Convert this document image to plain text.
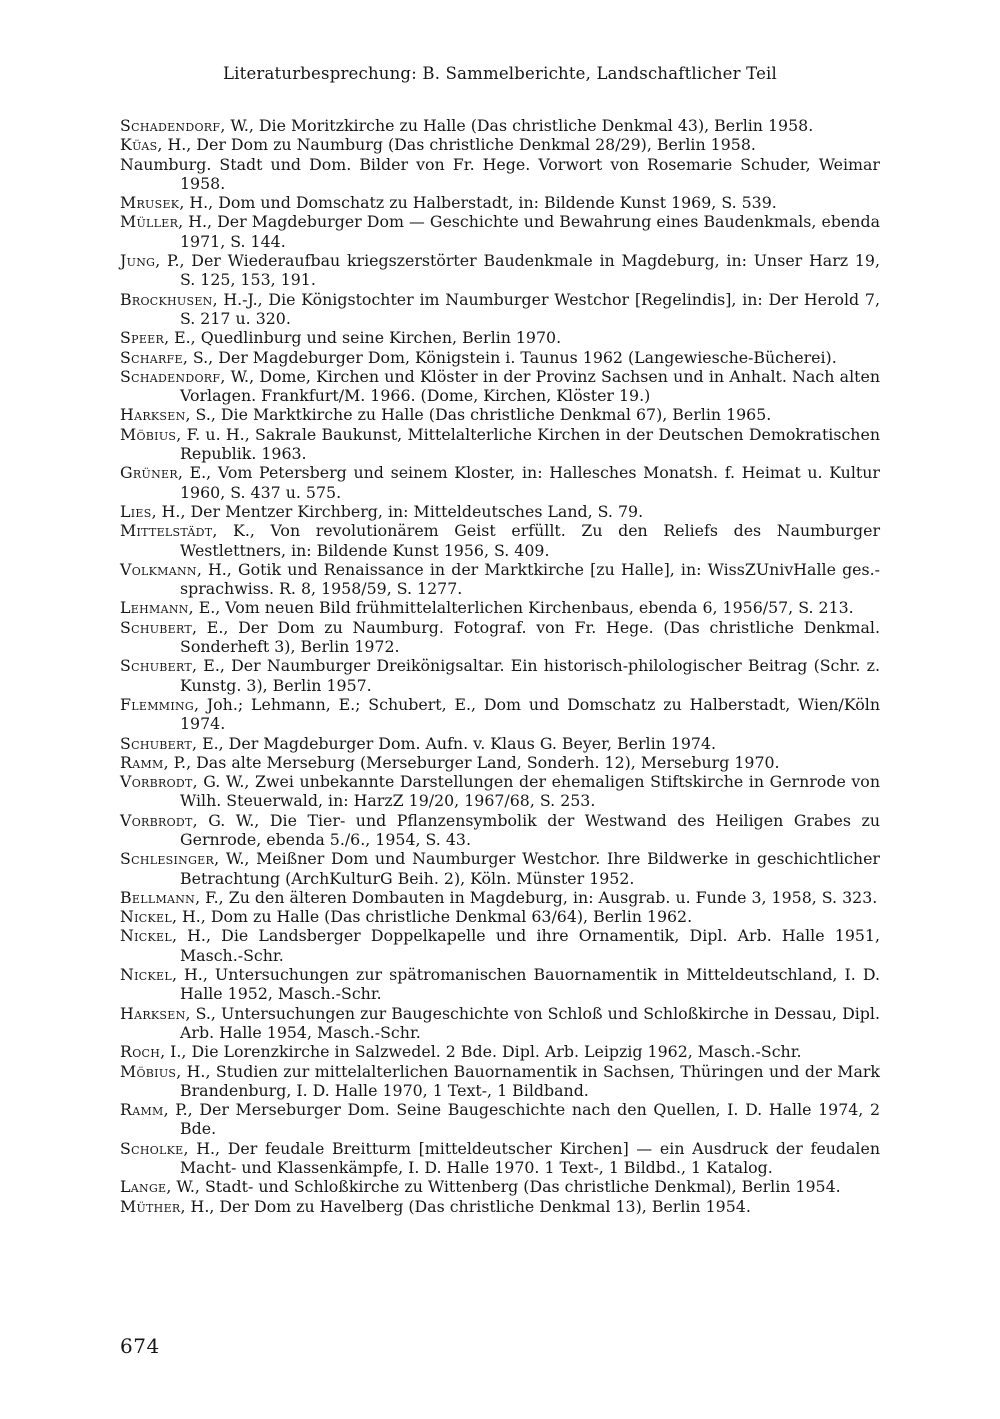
Literaturbesprechung: B. Sammelberichte, Landschaftlicher Teil

Schadendorf, W., Die Moritzkirche zu Halle (Das christliche Denkmal 43), Berlin 1958.

Küas, H., Der Dom zu Naumburg (Das christliche Denkmal 28/29), Berlin 1958.

Naumburg. Stadt und Dom. Bilder von Fr. Hege. Vorwort von Rosemarie Schuder, Weimar 1958.

Mrusek, H., Dom und Domschatz zu Halberstadt, in: Bildende Kunst 1969, S. 539.

Müller, H., Der Magdeburger Dom — Geschichte und Bewahrung eines Baudenkmals, ebenda 1971, S. 144.

Jung, P., Der Wiederaufbau kriegszerstörter Baudenkmale in Magdeburg, in: Unser Harz 19, S. 125, 153, 191.

Brockhusen, H.-J., Die Königstochter im Naumburger Westchor [Regelindis], in: Der Herold 7, S. 217 u. 320.

Speer, E., Quedlinburg und seine Kirchen, Berlin 1970.

Scharfe, S., Der Magdeburger Dom, Königstein i. Taunus 1962 (Langewiesche-Bücherei).

Schadendorf, W., Dome, Kirchen und Klöster in der Provinz Sachsen und in Anhalt. Nach alten Vorlagen. Frankfurt/M. 1966. (Dome, Kirchen, Klöster 19.)

Harksen, S., Die Marktkirche zu Halle (Das christliche Denkmal 67), Berlin 1965.

Möbius, F. u. H., Sakrale Baukunst, Mittelalterliche Kirchen in der Deutschen Demokratischen Republik. 1963.

Grüner, E., Vom Petersberg und seinem Kloster, in: Hallesches Monatsh. f. Heimat u. Kultur 1960, S. 437 u. 575.

Lies, H., Der Mentzer Kirchberg, in: Mitteldeutsches Land, S. 79.

Mittelstädt, K., Von revolutionärem Geist erfüllt. Zu den Reliefs des Naumburger Westlettners, in: Bildende Kunst 1956, S. 409.

Volkmann, H., Gotik und Renaissance in der Marktkirche [zu Halle], in: WissZUnivHalle ges.-sprachwiss. R. 8, 1958/59, S. 1277.

Lehmann, E., Vom neuen Bild frühmittelalterlichen Kirchenbaus, ebenda 6, 1956/57, S. 213.

Schubert, E., Der Dom zu Naumburg. Fotograf. von Fr. Hege. (Das christliche Denkmal. Sonderheft 3), Berlin 1972.

Schubert, E., Der Naumburger Dreikönigsaltar. Ein historisch-philologischer Beitrag (Schr. z. Kunstg. 3), Berlin 1957.

Flemming, Joh.; Lehmann, E.; Schubert, E., Dom und Domschatz zu Halberstadt, Wien/Köln 1974.

Schubert, E., Der Magdeburger Dom. Aufn. v. Klaus G. Beyer, Berlin 1974.

Ramm, P., Das alte Merseburg (Merseburger Land, Sonderh. 12), Merseburg 1970.

Vorbrodt, G. W., Zwei unbekannte Darstellungen der ehemaligen Stiftskirche in Gernrode von Wilh. Steuerwald, in: HarzZ 19/20, 1967/68, S. 253.

Vorbrodt, G. W., Die Tier- und Pflanzensymbolik der Westwand des Heiligen Grabes zu Gernrode, ebenda 5./6., 1954, S. 43.

Schlesinger, W., Meißner Dom und Naumburger Westchor. Ihre Bildwerke in geschichtlicher Betrachtung (ArchKulturG Beih. 2), Köln. Münster 1952.

Bellmann, F., Zu den älteren Dombauten in Magdeburg, in: Ausgrab. u. Funde 3, 1958, S. 323.

Nickel, H., Dom zu Halle (Das christliche Denkmal 63/64), Berlin 1962.

Nickel, H., Die Landsberger Doppelkapelle und ihre Ornamentik, Dipl. Arb. Halle 1951, Masch.-Schr.

Nickel, H., Untersuchungen zur spätromanischen Bauornamentik in Mitteldeutschland, I. D. Halle 1952, Masch.-Schr.

Harksen, S., Untersuchungen zur Baugeschichte von Schloß und Schloßkirche in Dessau, Dipl. Arb. Halle 1954, Masch.-Schr.

Roch, I., Die Lorenzkirche in Salzwedel. 2 Bde. Dipl. Arb. Leipzig 1962, Masch.-Schr.

Möbius, H., Studien zur mittelalterlichen Bauornamentik in Sachsen, Thüringen und der Mark Brandenburg, I. D. Halle 1970, 1 Text-, 1 Bildband.

Ramm, P., Der Merseburger Dom. Seine Baugeschichte nach den Quellen, I. D. Halle 1974, 2 Bde.

Scholke, H., Der feudale Breitturm [mitteldeutscher Kirchen] — ein Ausdruck der feudalen Macht- und Klassenkämpfe, I. D. Halle 1970. 1 Text-, 1 Bildbd., 1 Katalog.

Lange, W., Stadt- und Schloßkirche zu Wittenberg (Das christliche Denkmal), Berlin 1954.

Müther, H., Der Dom zu Havelberg (Das christliche Denkmal 13), Berlin 1954.

674
